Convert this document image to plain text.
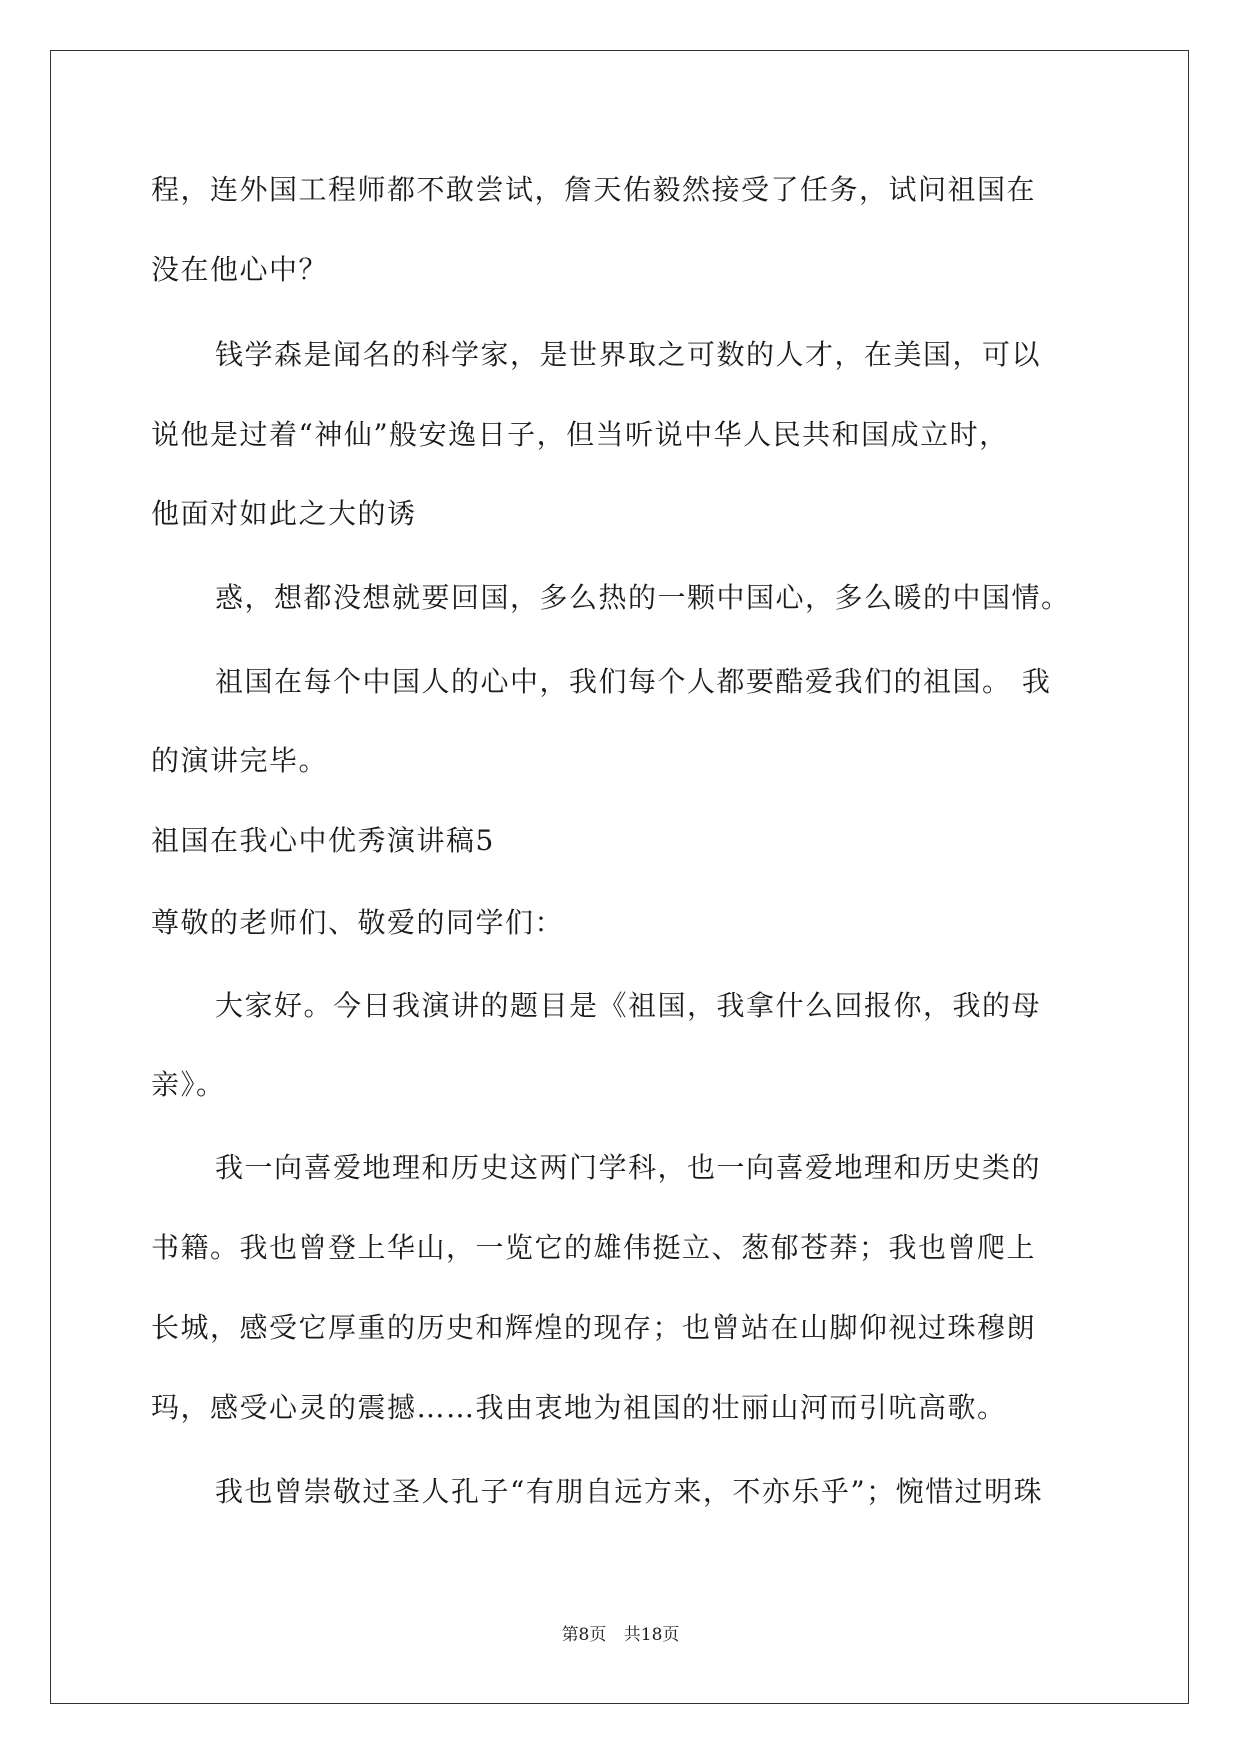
程，连外国工程师都不敢尝试，詹天佑毅然接受了任务，试问祖国在
没在他心中？
钱学森是闻名的科学家，是世界取之可数的人才，在美国，可以
说他是过着“神仙”般安逸日子，但当听说中华人民共和国成立时，
他面对如此之大的诱
惑，想都没想就要回国，多么热的一颗中国心，多么暖的中国情。
祖国在每个中国人的心中，我们每个人都要酷爱我们的祖国。 我
的演讲完毕。
祖国在我心中优秀演讲稿5
尊敬的老师们、敬爱的同学们：
大家好。今日我演讲的题目是《祖国，我拿什么回报你，我的母
亲》。
我一向喜爱地理和历史这两门学科，也一向喜爱地理和历史类的
书籍。我也曾登上华山，一览它的雄伟挺立、葱郁苍莽；我也曾爬上
长城，感受它厚重的历史和辉煌的现存；也曾站在山脚仰视过珠穆朗
玛，感受心灵的震撼……我由衷地为祖国的壮丽山河而引吭高歌。
我也曾崇敬过圣人孔子“有朋自远方来，不亦乐乎”；惋惜过明珠
第8页 共18页
